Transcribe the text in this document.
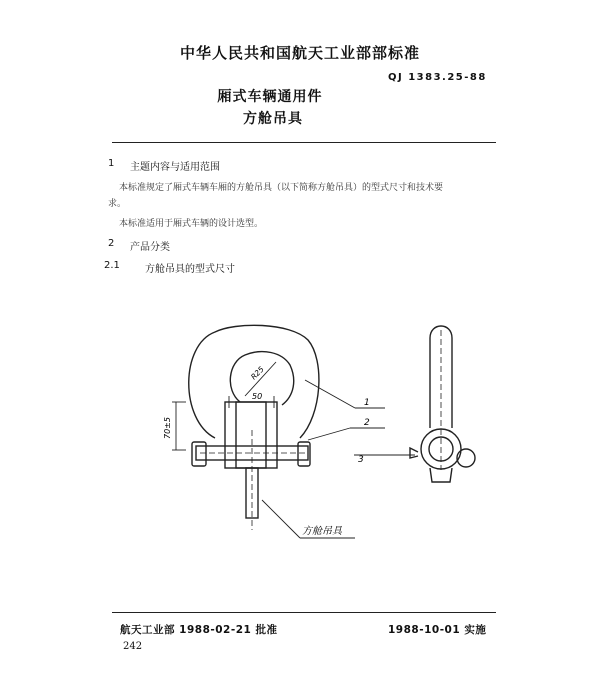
中华人民共和国航天工业部部标准
QJ 1383.25-88
厢式车辆通用件
方舱吊具
1 主题内容与适用范围
本标准规定了厢式车辆车厢的方舱吊具（以下简称方舱吊具）的型式尺寸和技术要
求。
本标准适用于厢式车辆的设计选型。
2 产品分类
2.1	方舱吊具的型式尺寸
50
R25
70±5
1
2
3
方舱吊具
航天工业部 1988-02-21 批准	1988-10-01 实施
242
